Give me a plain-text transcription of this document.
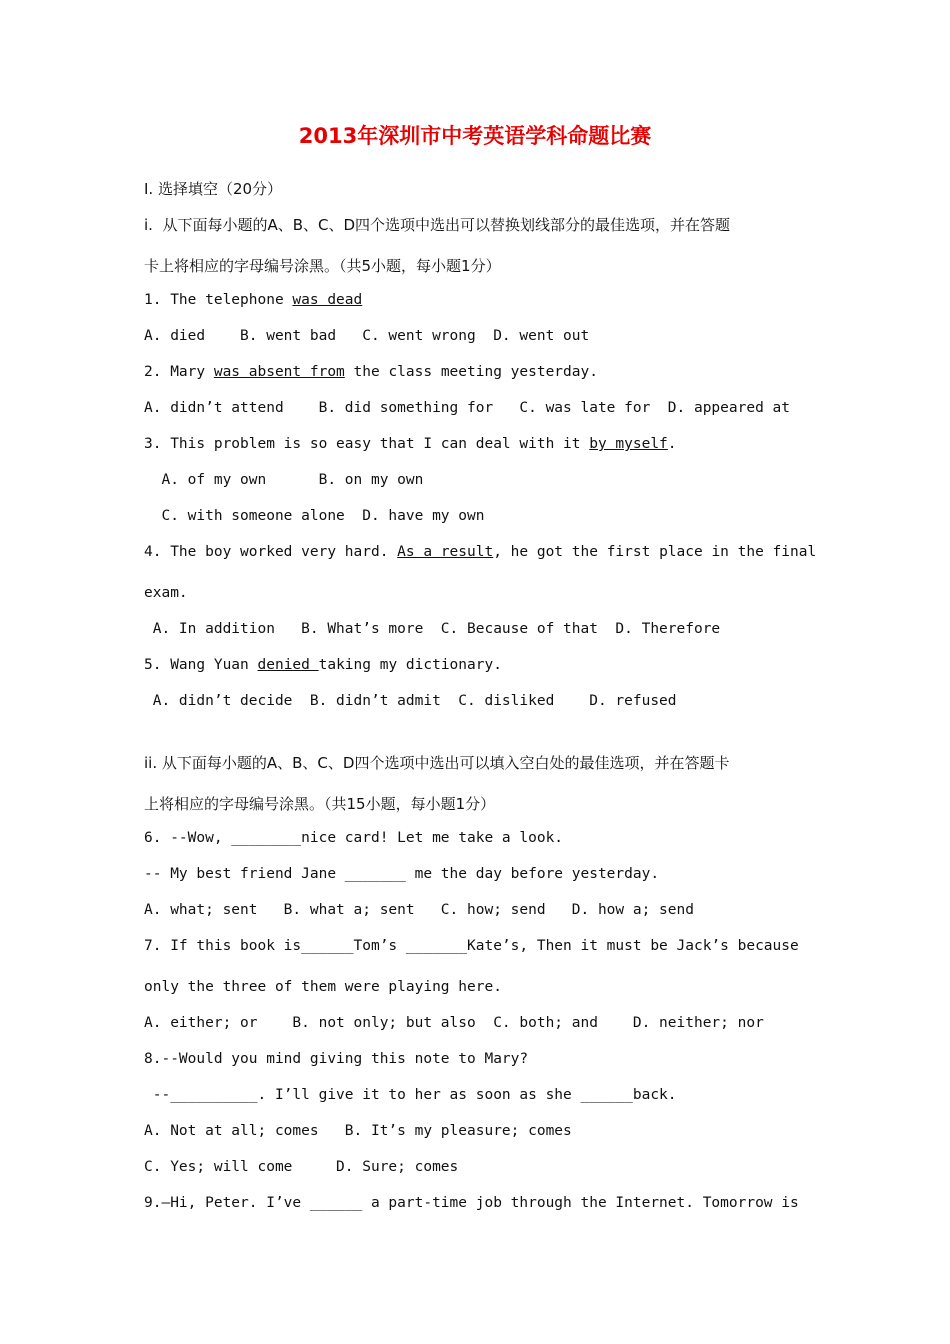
2013年深圳市中考英语学科命题比赛
Ⅰ. 选择填空（20分）
i.  从下面每小题的A、B、C、D四个选项中选出可以替换划线部分的最佳选项，并在答题
卡上将相应的字母编号涂黑。（共5小题，每小题1分）
1. The telephone was dead
A. died    B. went bad   C. went wrong  D. went out
2. Mary was absent from the class meeting yesterday.
A. didn’t attend    B. did something for   C. was late for  D. appeared at
3. This problem is so easy that I can deal with it by myself.
A. of my own      B. on my own
C. with someone alone  D. have my own
4. The boy worked very hard. As a result, he got the first place in the final
exam.
A. In addition   B. What’s more  C. Because of that  D. Therefore
5. Wang Yuan denied taking my dictionary.
A. didn’t decide  B. didn’t admit  C. disliked    D. refused
ii. 从下面每小题的A、B、C、D四个选项中选出可以填入空白处的最佳选项，并在答题卡
上将相应的字母编号涂黑。（共15小题，每小题1分）
6. --Wow, ________nice card! Let me take a look.
-- My best friend Jane _______ me the day before yesterday.
A. what; sent   B. what a; sent   C. how; send   D. how a; send
7. If this book is______Tom’s _______Kate’s, Then it must be Jack’s because
only the three of them were playing here.
A. either; or    B. not only; but also  C. both; and    D. neither; nor
8.--Would you mind giving this note to Mary?
--__________. I’ll give it to her as soon as she ______back.
A. Not at all; comes   B. It’s my pleasure; comes
C. Yes; will come     D. Sure; comes
9.—Hi, Peter. I’ve ______ a part-time job through the Internet. Tomorrow is
